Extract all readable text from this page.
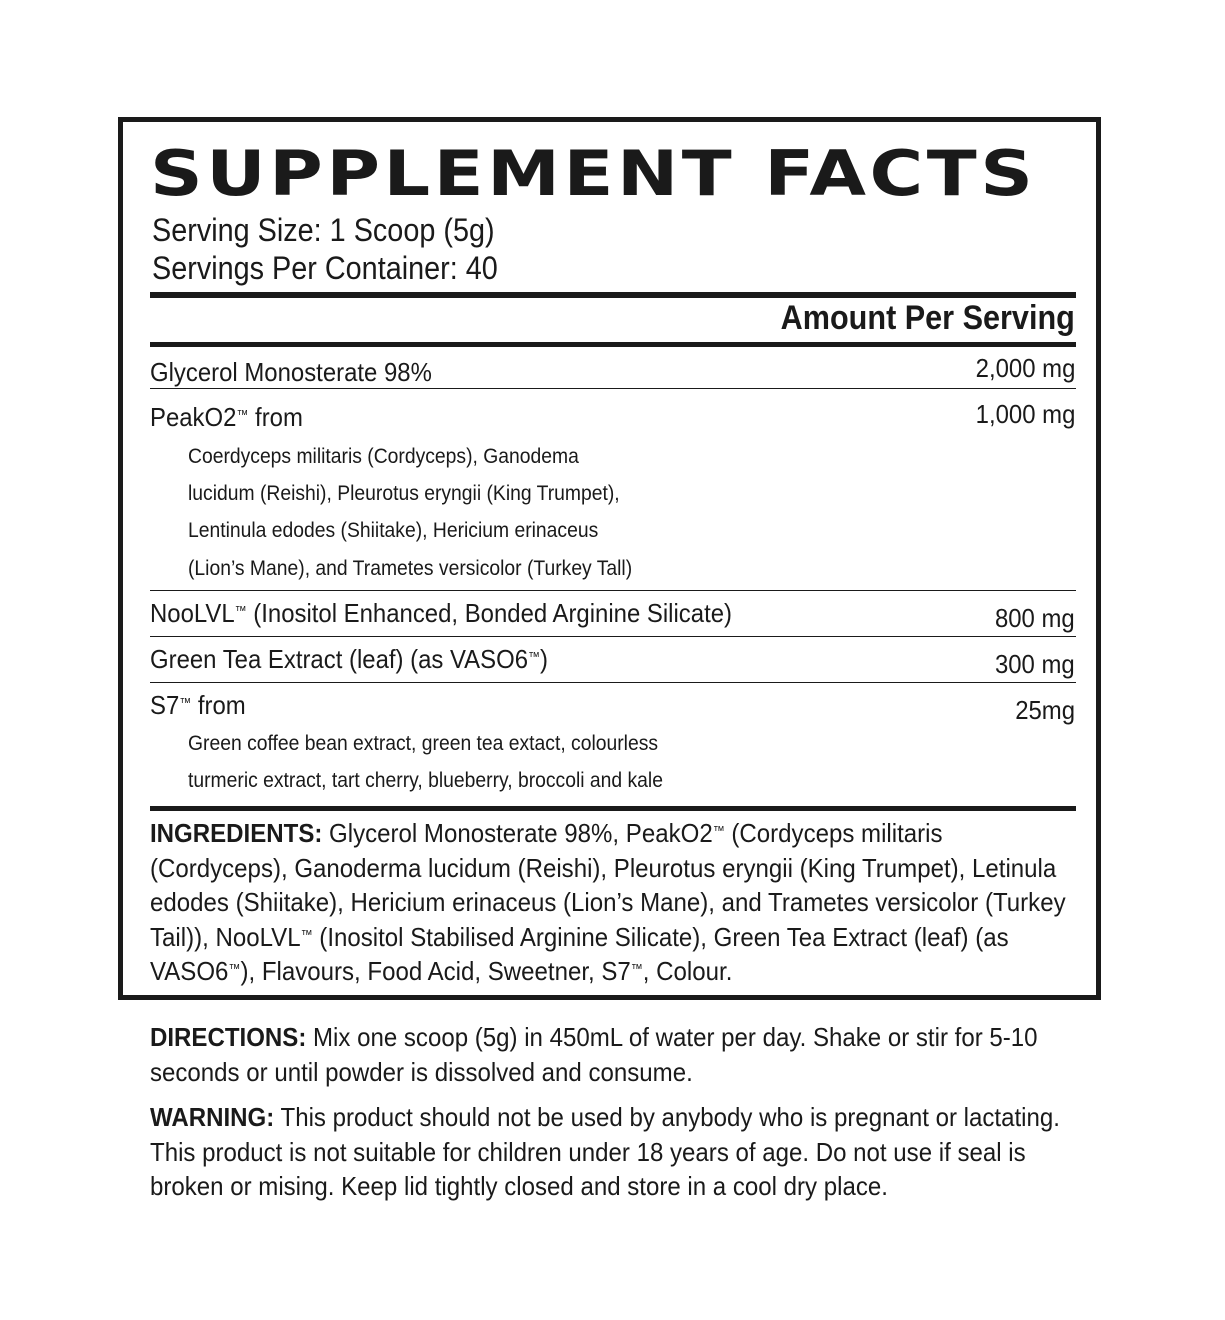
SUPPLEMENT FACTS
Serving Size: 1 Scoop (5g)
Servings Per Container: 40
Amount Per Serving
Glycerol Monosterate 98%	2,000 mg
PeakO2™ from	1,000 mg
Coerdyceps militaris (Cordyceps), Ganodema
lucidum (Reishi), Pleurotus eryngii (King Trumpet),
Lentinula edodes (Shiitake), Hericium erinaceus
(Lion’s Mane), and Trametes versicolor (Turkey Tall)
NooLVL™ (Inositol Enhanced, Bonded Arginine Silicate)	800 mg
Green Tea Extract (leaf) (as VASO6™)	300 mg
S7™ from	25mg
Green coffee bean extract, green tea extact, colourless
turmeric extract, tart cherry, blueberry, broccoli and kale
INGREDIENTS: Glycerol Monosterate 98%, PeakO2™ (Cordyceps militaris (Cordyceps), Ganoderma lucidum (Reishi), Pleurotus eryngii (King Trumpet), Letinula edodes (Shiitake), Hericium erinaceus (Lion’s Mane), and Trametes versicolor (Turkey Tail)), NooLVL™ (Inositol Stabilised Arginine Silicate), Green Tea Extract (leaf) (as VASO6™), Flavours, Food Acid, Sweetner, S7™, Colour.
DIRECTIONS: Mix one scoop (5g) in 450mL of water per day. Shake or stir for 5-10 seconds or until powder is dissolved and consume.
WARNING: This product should not be used by anybody who is pregnant or lactating. This product is not suitable for children under 18 years of age. Do not use if seal is broken or mising. Keep lid tightly closed and store in a cool dry place.
